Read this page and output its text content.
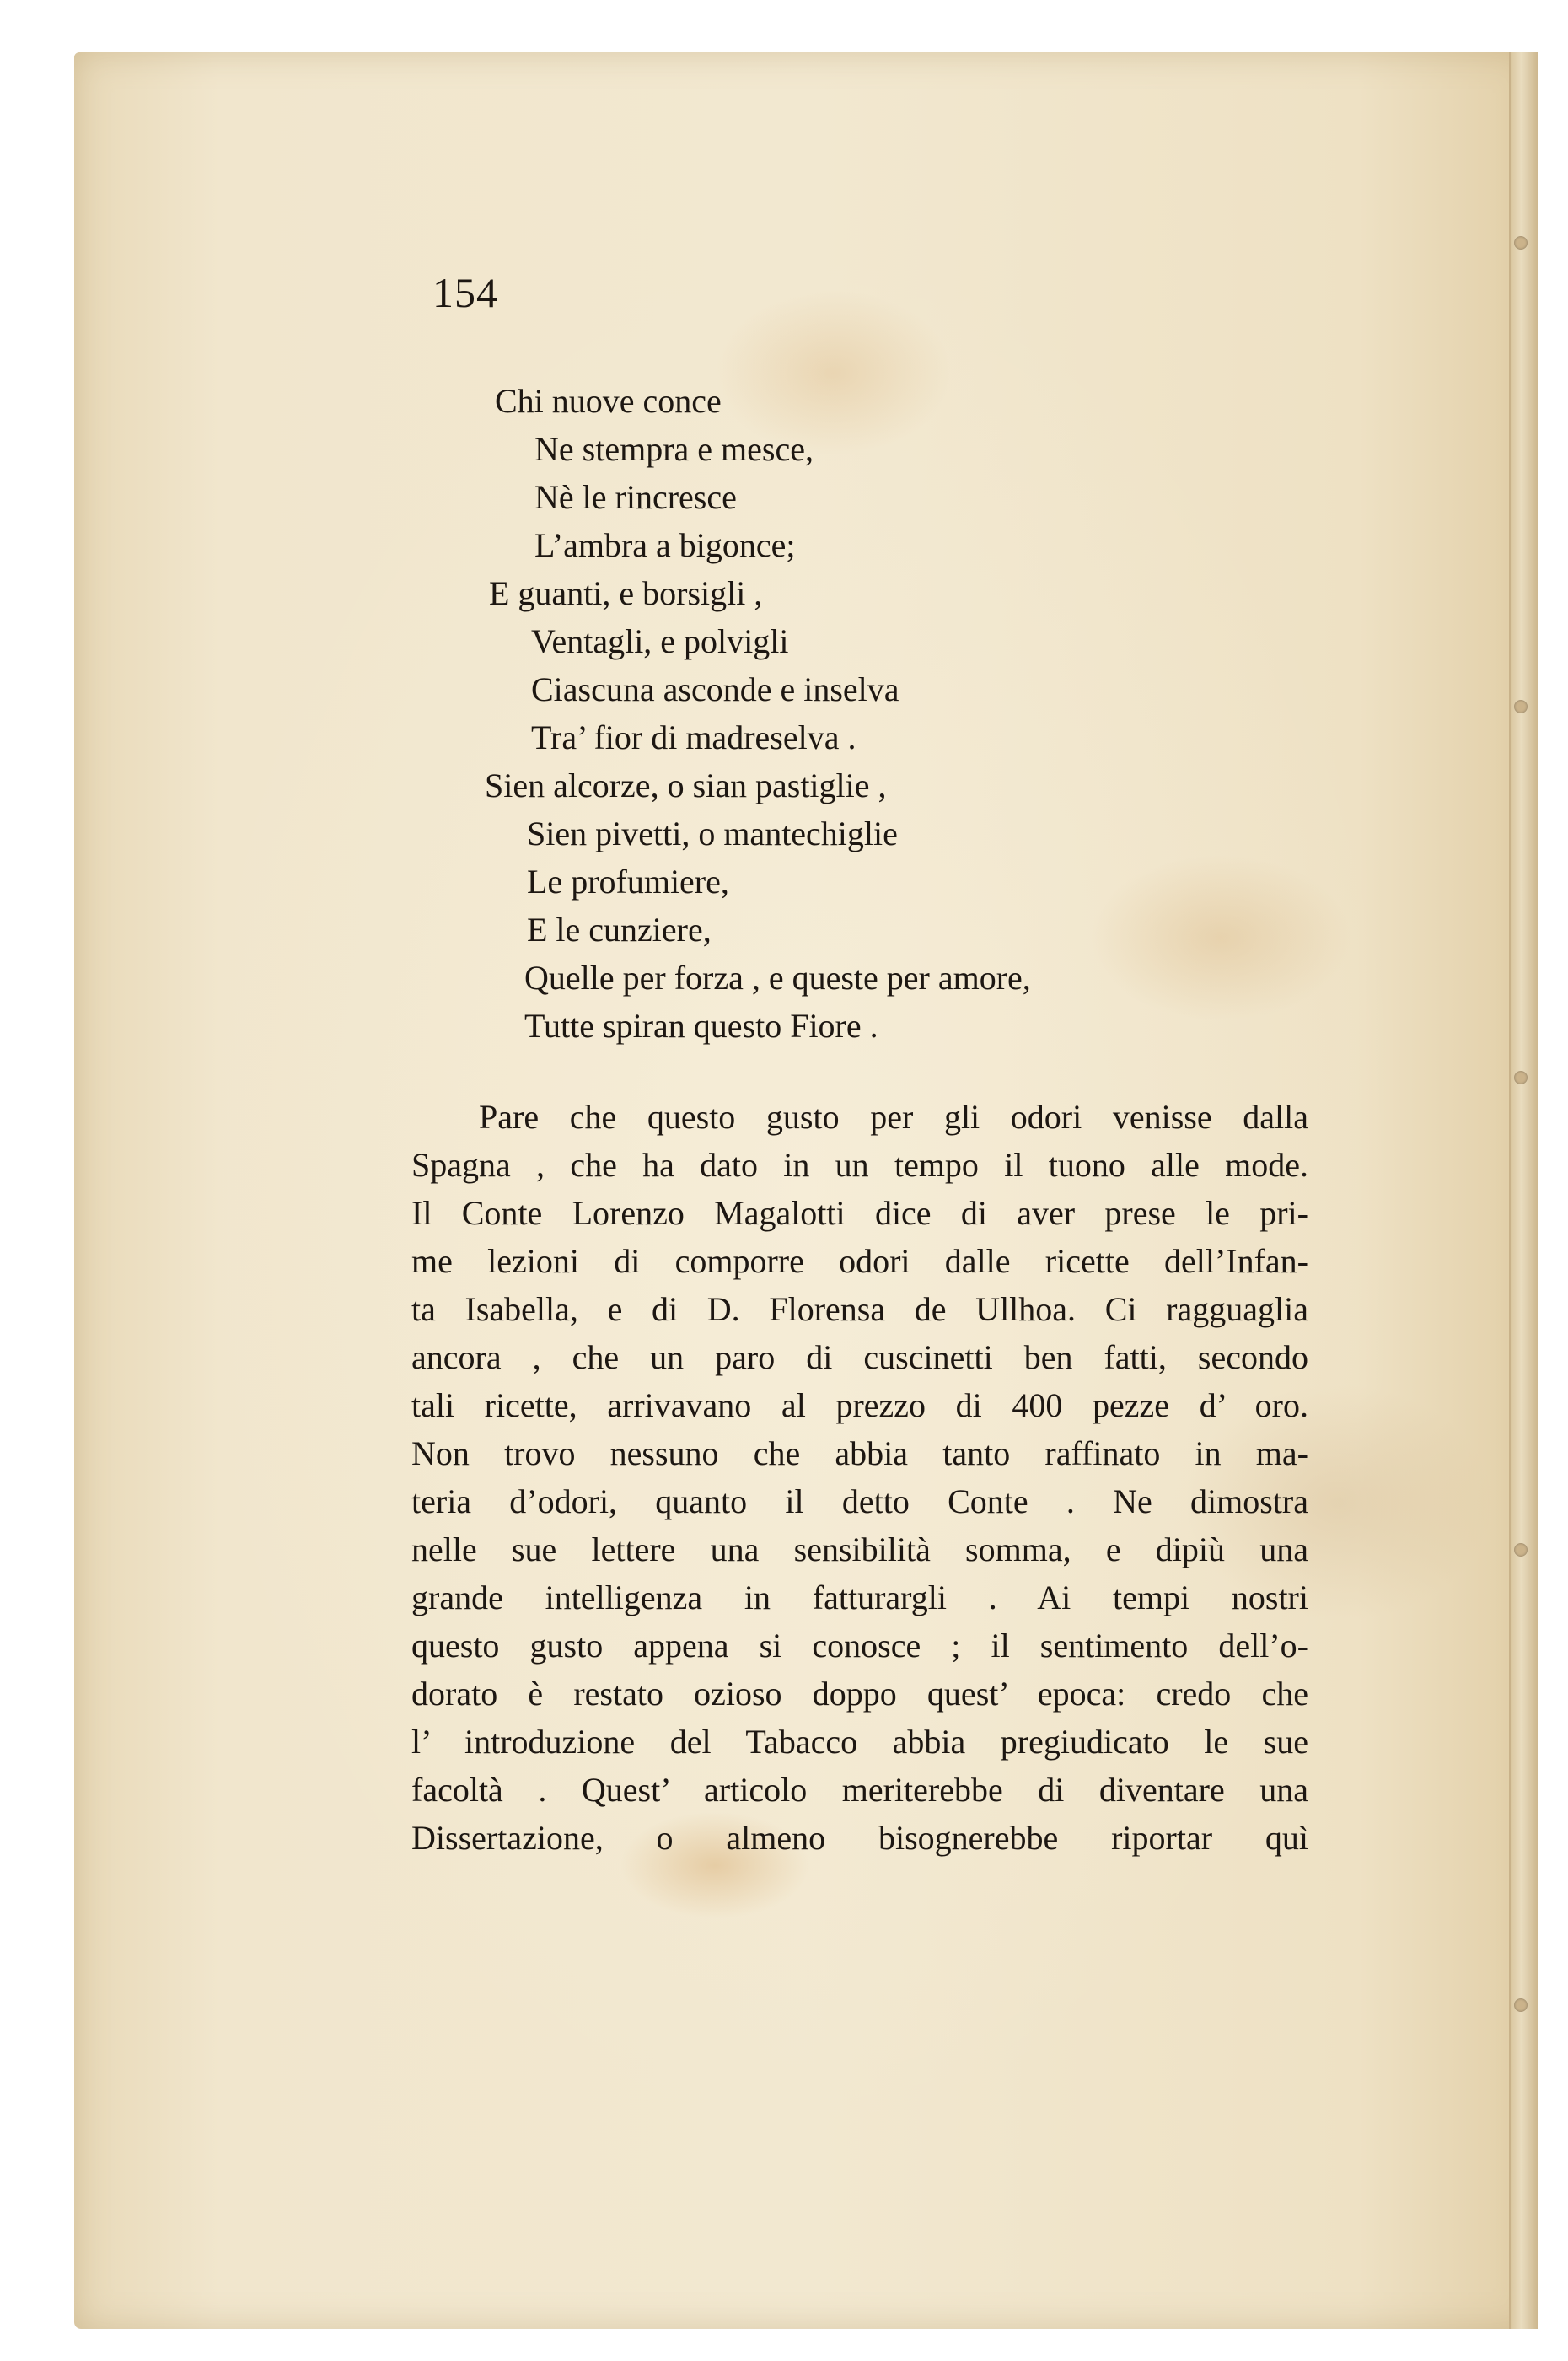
154
Chi nuove conce
Ne stempra e mesce,
Nè le rincresce
L’ambra a bigonce;
E guanti, e borsigli ,
Ventagli, e polvigli
Ciascuna asconde e inselva
Tra’ fior di madreselva .
Sien alcorze, o sian pastiglie ,
Sien pivetti, o mantechiglie
Le profumiere,
E le cunziere,
Quelle per forza , e queste per amore,
Tutte spiran questo Fiore .
Pare che questo gusto per gli odori venisse dalla
Spagna , che ha dato in un tempo il tuono alle mode.
Il Conte Lorenzo Magalotti dice di aver prese le pri-
me lezioni di comporre odori dalle ricette dell’Infan-
ta Isabella, e di D. Florensa de Ullhoa. Ci ragguaglia
ancora , che un paro di cuscinetti ben fatti, secondo
tali ricette, arrivavano al prezzo di 400 pezze d’ oro.
Non trovo nessuno che abbia tanto raffinato in ma-
teria d’odori, quanto il detto Conte . Ne dimostra
nelle sue lettere una sensibilità somma, e dipiù una
grande intelligenza in fatturargli . Ai tempi nostri
questo gusto appena si conosce ; il sentimento dell’o-
dorato è restato ozioso doppo quest’ epoca: credo che
l’ introduzione del Tabacco abbia pregiudicato le sue
facoltà . Quest’ articolo meriterebbe di diventare una
Dissertazione, o almeno bisognerebbe riportar quì
